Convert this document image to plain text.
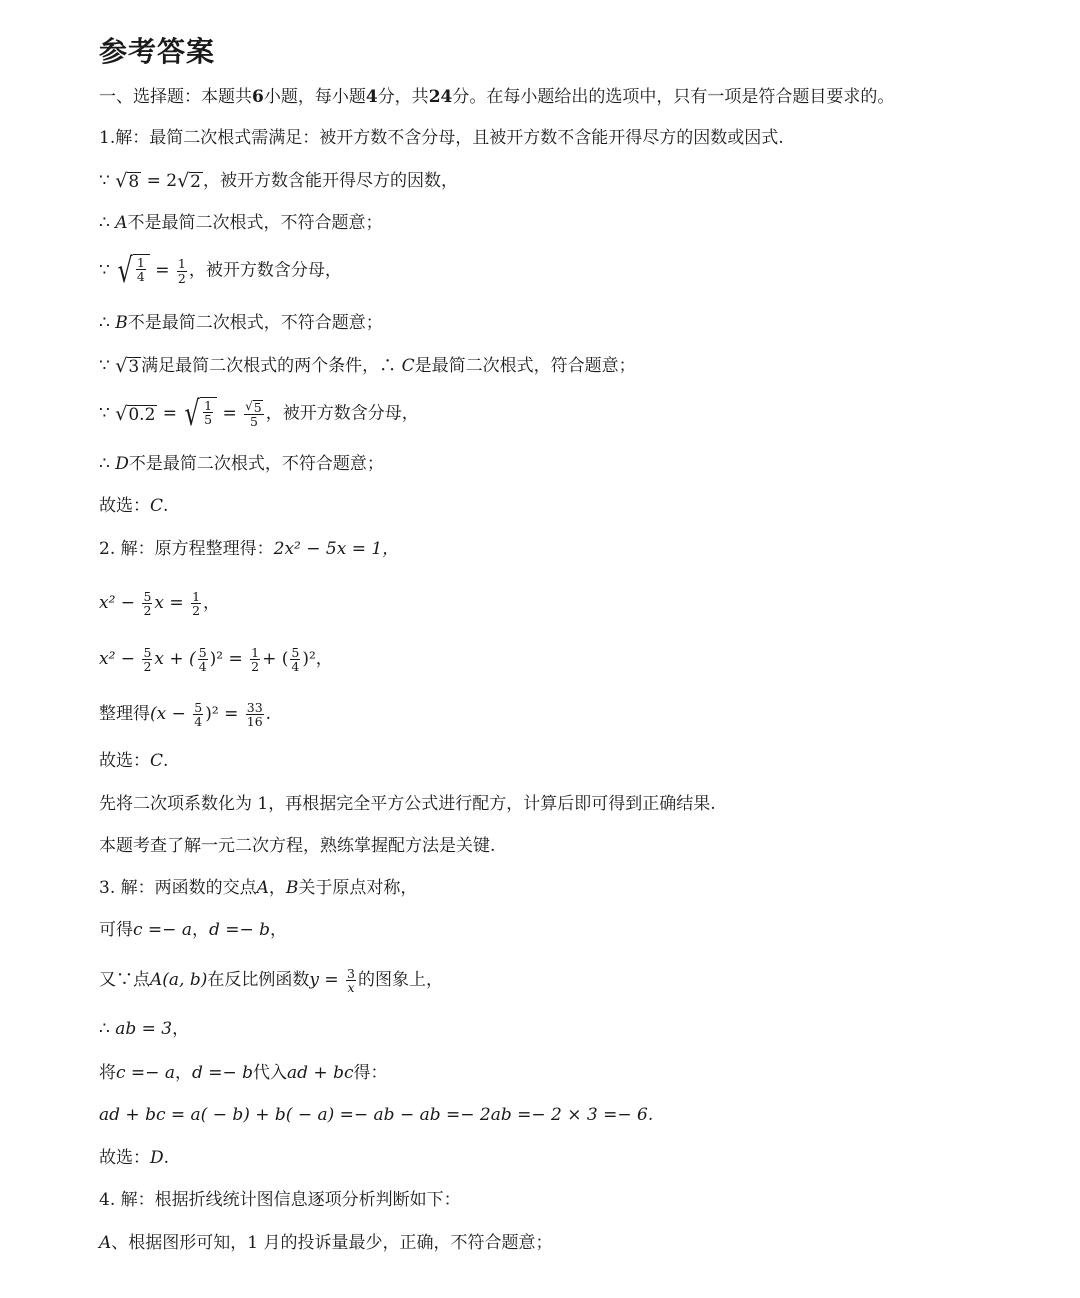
参考答案
一、选择题：本题共6小题，每小题4分，共24分。在每小题给出的选项中，只有一项是符合题目要求的。
1.解：最简二次根式需满足：被开方数不含分母，且被开方数不含能开得尽方的因数或因式.
∵ √ 8 = 2 √ 2 ，被开方数含能开得尽方的因数，
∴ A不是最简二次根式，不符合题意；
∵ √ $\frac{1}{4} = \frac{1}{2}$ ，被开方数含分母，
∴ B不是最简二次根式，不符合题意；
∵ √ 3 满足最简二次根式的两个条件，∴ C是最简二次根式，符合题意；
∵ √ 0.2 = √ $\frac{1}{5} = \frac{√ 5}{5}$ ，被开方数含分母，
∴ D不是最简二次根式，不符合题意；
故选：C.
2. 解：原方程整理得：2x² − 5x = 1，
$x^2 - \frac{5}{2}$ $x = \frac{1}{2}$ ，
$x^2 - \frac{5}{2}$ x + ( $\frac{5}{4} )^2 = \frac{1}{2}$ + ( $\frac{5}{4} )^2$，
整理得$(x - \frac{5}{4} )^2 = \frac{33}{16}$ .
故选：C.
先将二次项系数化为 1，再根据完全平方公式进行配方，计算后即可得到正确结果.
本题考查了解一元二次方程，熟练掌握配方法是关键.
3. 解：两函数的交点A，B关于原点对称，
可得c =− a，d =− b，
又∵点A(a, b)在反比例函数$y = \frac{3}{x}$ 的图象上，
∴ ab = 3，
将c =− a，d =− b代入ad + bc得：
ad + bc = a( − b) + b( − a) =− ab − ab =− 2ab =− 2 × 3 =− 6.
故选：D.
4. 解：根据折线统计图信息逐项分析判断如下：
A、根据图形可知，1 月的投诉量最少，正确，不符合题意；
